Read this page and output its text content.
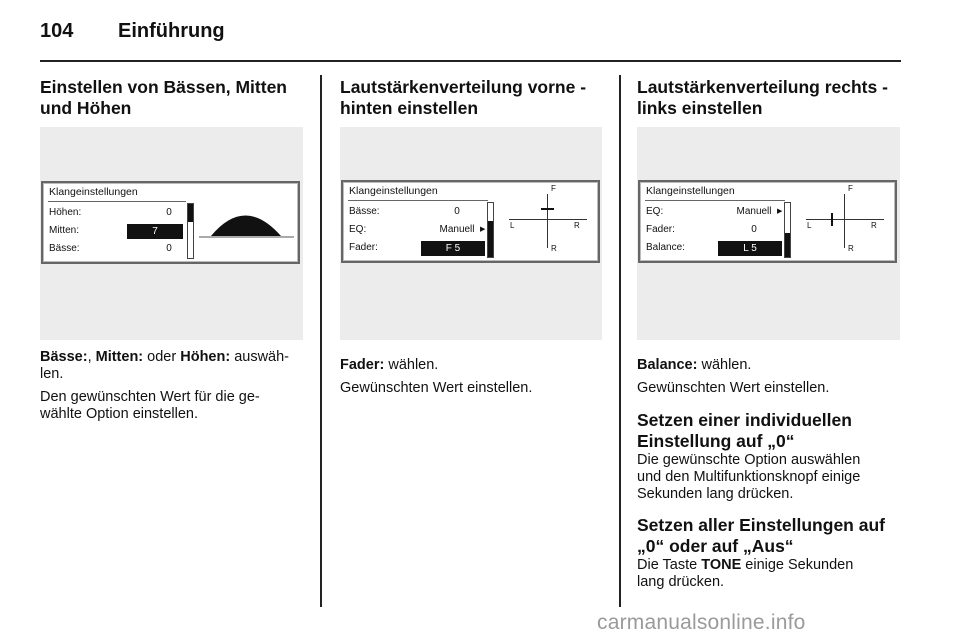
104 Einführung
Einstellen von Bässen, Mitten
und Höhen
Klangeinstellungen
Höhen:	0
Mitten:	7
Bässe:	0

Bässe:, Mitten: oder Höhen: auswäh-
len.

Den gewünschten Wert für die ge-
wählte Option einstellen.

Lautstärkenverteilung vorne -
hinten einstellen
Klangeinstellungen
Bässe:	0
EQ:	Manuell ▶
Fader:	F 5
F
L	R
R

Fader: wählen.

Gewünschten Wert einstellen.

Lautstärkenverteilung rechts -
links einstellen
Klangeinstellungen
EQ:	Manuell ▶
Fader:	0
Balance:	L 5
F
L	R
R

Balance: wählen.

Gewünschten Wert einstellen.

Setzen einer individuellen
Einstellung auf „0“

Die gewünschte Option auswählen
und den Multifunktionsknopf einige
Sekunden lang drücken.

Setzen aller Einstellungen auf
„0“ oder auf „Aus“

Die Taste TONE einige Sekunden
lang drücken.

carmanualsonline.info
